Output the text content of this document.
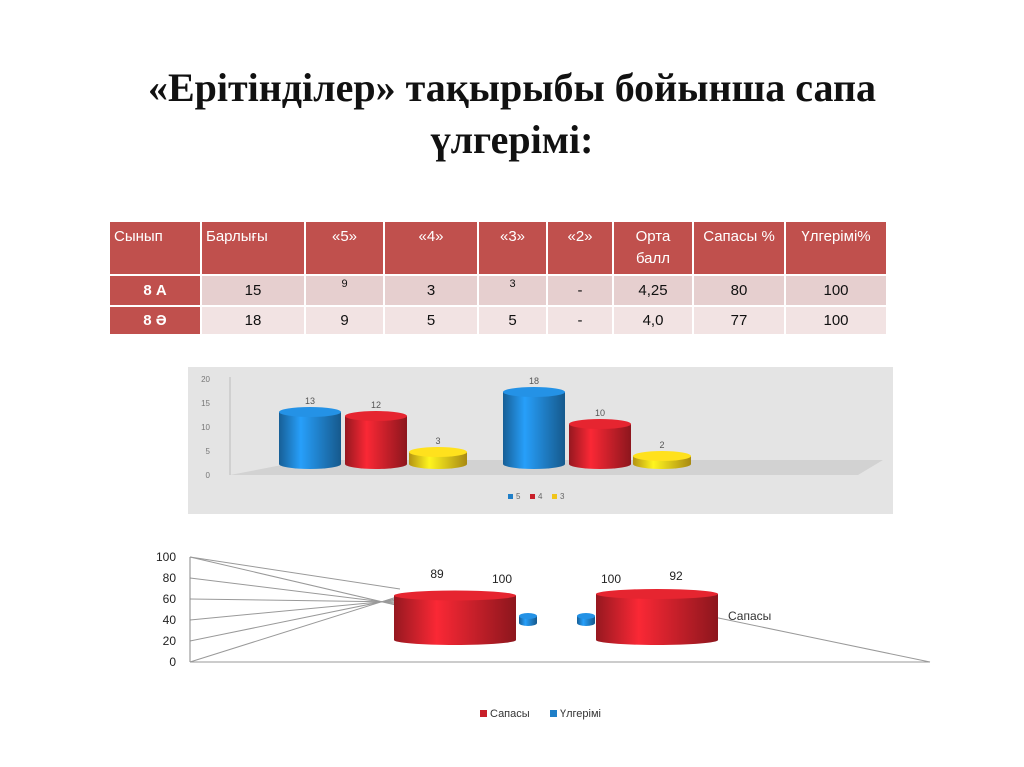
«Ерітінділер» тақырыбы бойынша сапа
үлгерімі:
Сынып	Барлығы	«5»	«4»	«3»	«2»	Орта балл	Сапасы %	Үлгерімі%
8 А	15	9	3	3	-	4,25	80	100
8 Ә	18	9	5	5	-	4,0	77	100
0
5
10
15
20
13	12
3
18
10
2
5 4 3
0
20
40
60
80
100
89	100	100	92
Сапасы
Сапасы	Үлгерімі
